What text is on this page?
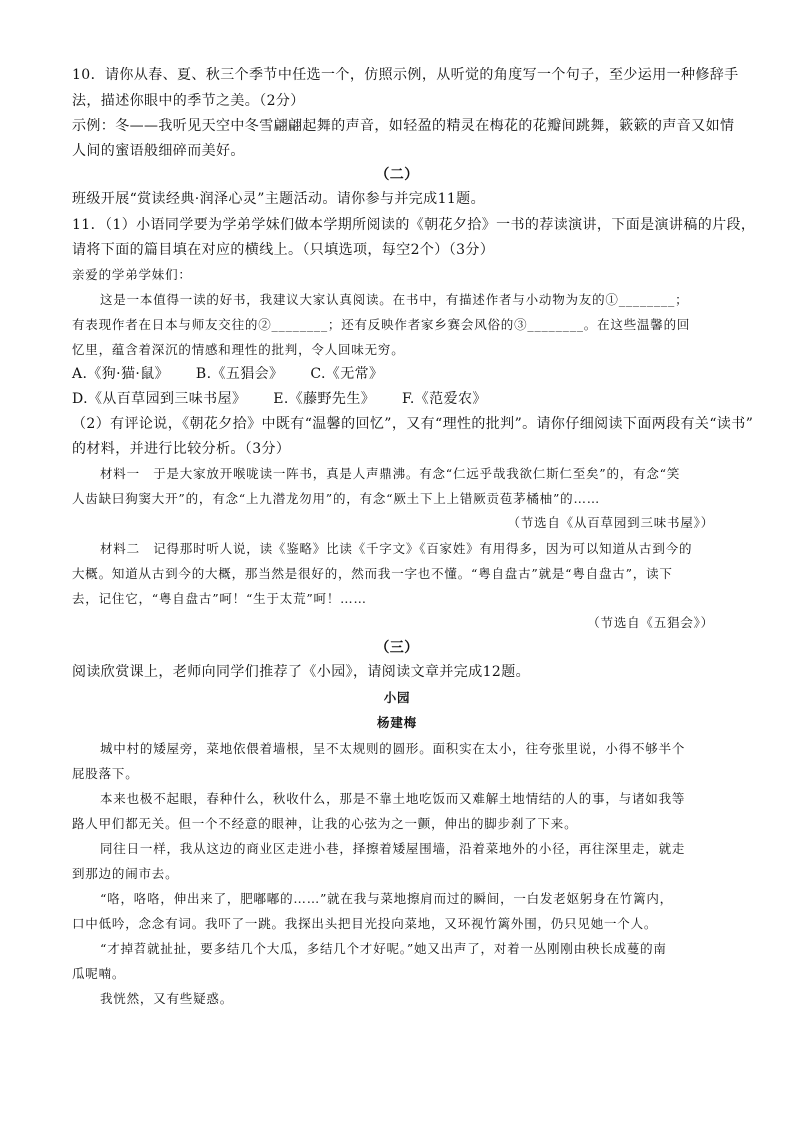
10．请你从春、夏、秋三个季节中任选一个，仿照示例，从听觉的角度写一个句子，至少运用一种修辞手
法，描述你眼中的季节之美。（2分）
示例：冬——我听见天空中冬雪翩翩起舞的声音，如轻盈的精灵在梅花的花瓣间跳舞，簌簌的声音又如情
人间的蜜语般细碎而美好。
（二）
班级开展“赏读经典·润泽心灵”主题活动。请你参与并完成11题。
11．（1）小语同学要为学弟学妹们做本学期所阅读的《朝花夕拾》一书的荐读演讲，下面是演讲稿的片段，
请将下面的篇目填在对应的横线上。（只填选项，每空2个）（3分）
亲爱的学弟学妹们：
这是一本值得一读的好书，我建议大家认真阅读。在书中，有描述作者与小动物为友的①________；
有表现作者在日本与师友交往的②________；还有反映作者家乡赛会风俗的③________。在这些温馨的回
忆里，蕴含着深沉的情感和理性的批判，令人回味无穷。
A.《狗·猫·鼠》 B.《五猖会》 C.《无常》
D.《从百草园到三味书屋》 E.《藤野先生》 F.《范爱农》
（2）有评论说，《朝花夕拾》中既有“温馨的回忆”，又有“理性的批判”。请你仔细阅读下面两段有关“读书”
的材料，并进行比较分析。（3分）
材料一　于是大家放开喉咙读一阵书，真是人声鼎沸。有念“仁远乎哉我欲仁斯仁至矣”的，有念“笑
人齿缺曰狗窦大开”的，有念“上九潜龙勿用”的，有念“厥土下上上错厥贡苞茅橘柚”的……
（节选自《从百草园到三味书屋》）
材料二　记得那时听人说，读《鉴略》比读《千字文》《百家姓》有用得多，因为可以知道从古到今的
大概。知道从古到今的大概，那当然是很好的，然而我一字也不懂。“粤自盘古”就是“粤自盘古”，读下
去，记住它，“粤自盘古”呵！“生于太荒”呵！……
（节选自《五猖会》）
（三）
阅读欣赏课上，老师向同学们推荐了《小园》，请阅读文章并完成12题。
小园
杨建梅
城中村的矮屋旁，菜地依偎着墙根，呈不太规则的圆形。面积实在太小，往夸张里说，小得不够半个
屁股落下。
本来也极不起眼，春种什么，秋收什么，那是不靠土地吃饭而又难解土地情结的人的事，与诸如我等
路人甲们都无关。但一个不经意的眼神，让我的心弦为之一颤，伸出的脚步刹了下来。
同往日一样，我从这边的商业区走进小巷，择擦着矮屋围墙，沿着菜地外的小径，再往深里走，就走
到那边的闹市去。
“咯，咯咯，伸出来了，肥嘟嘟的……”就在我与菜地擦肩而过的瞬间，一白发老妪躬身在竹篱内，
口中低吟，念念有词。我吓了一跳。我探出头把目光投向菜地，又环视竹篱外围，仍只见她一个人。
“才掉苕就扯扯，要多结几个大瓜，多结几个才好呢。”她又出声了，对着一丛刚刚由秧长成蔓的南
瓜呢喃。
我恍然，又有些疑惑。
